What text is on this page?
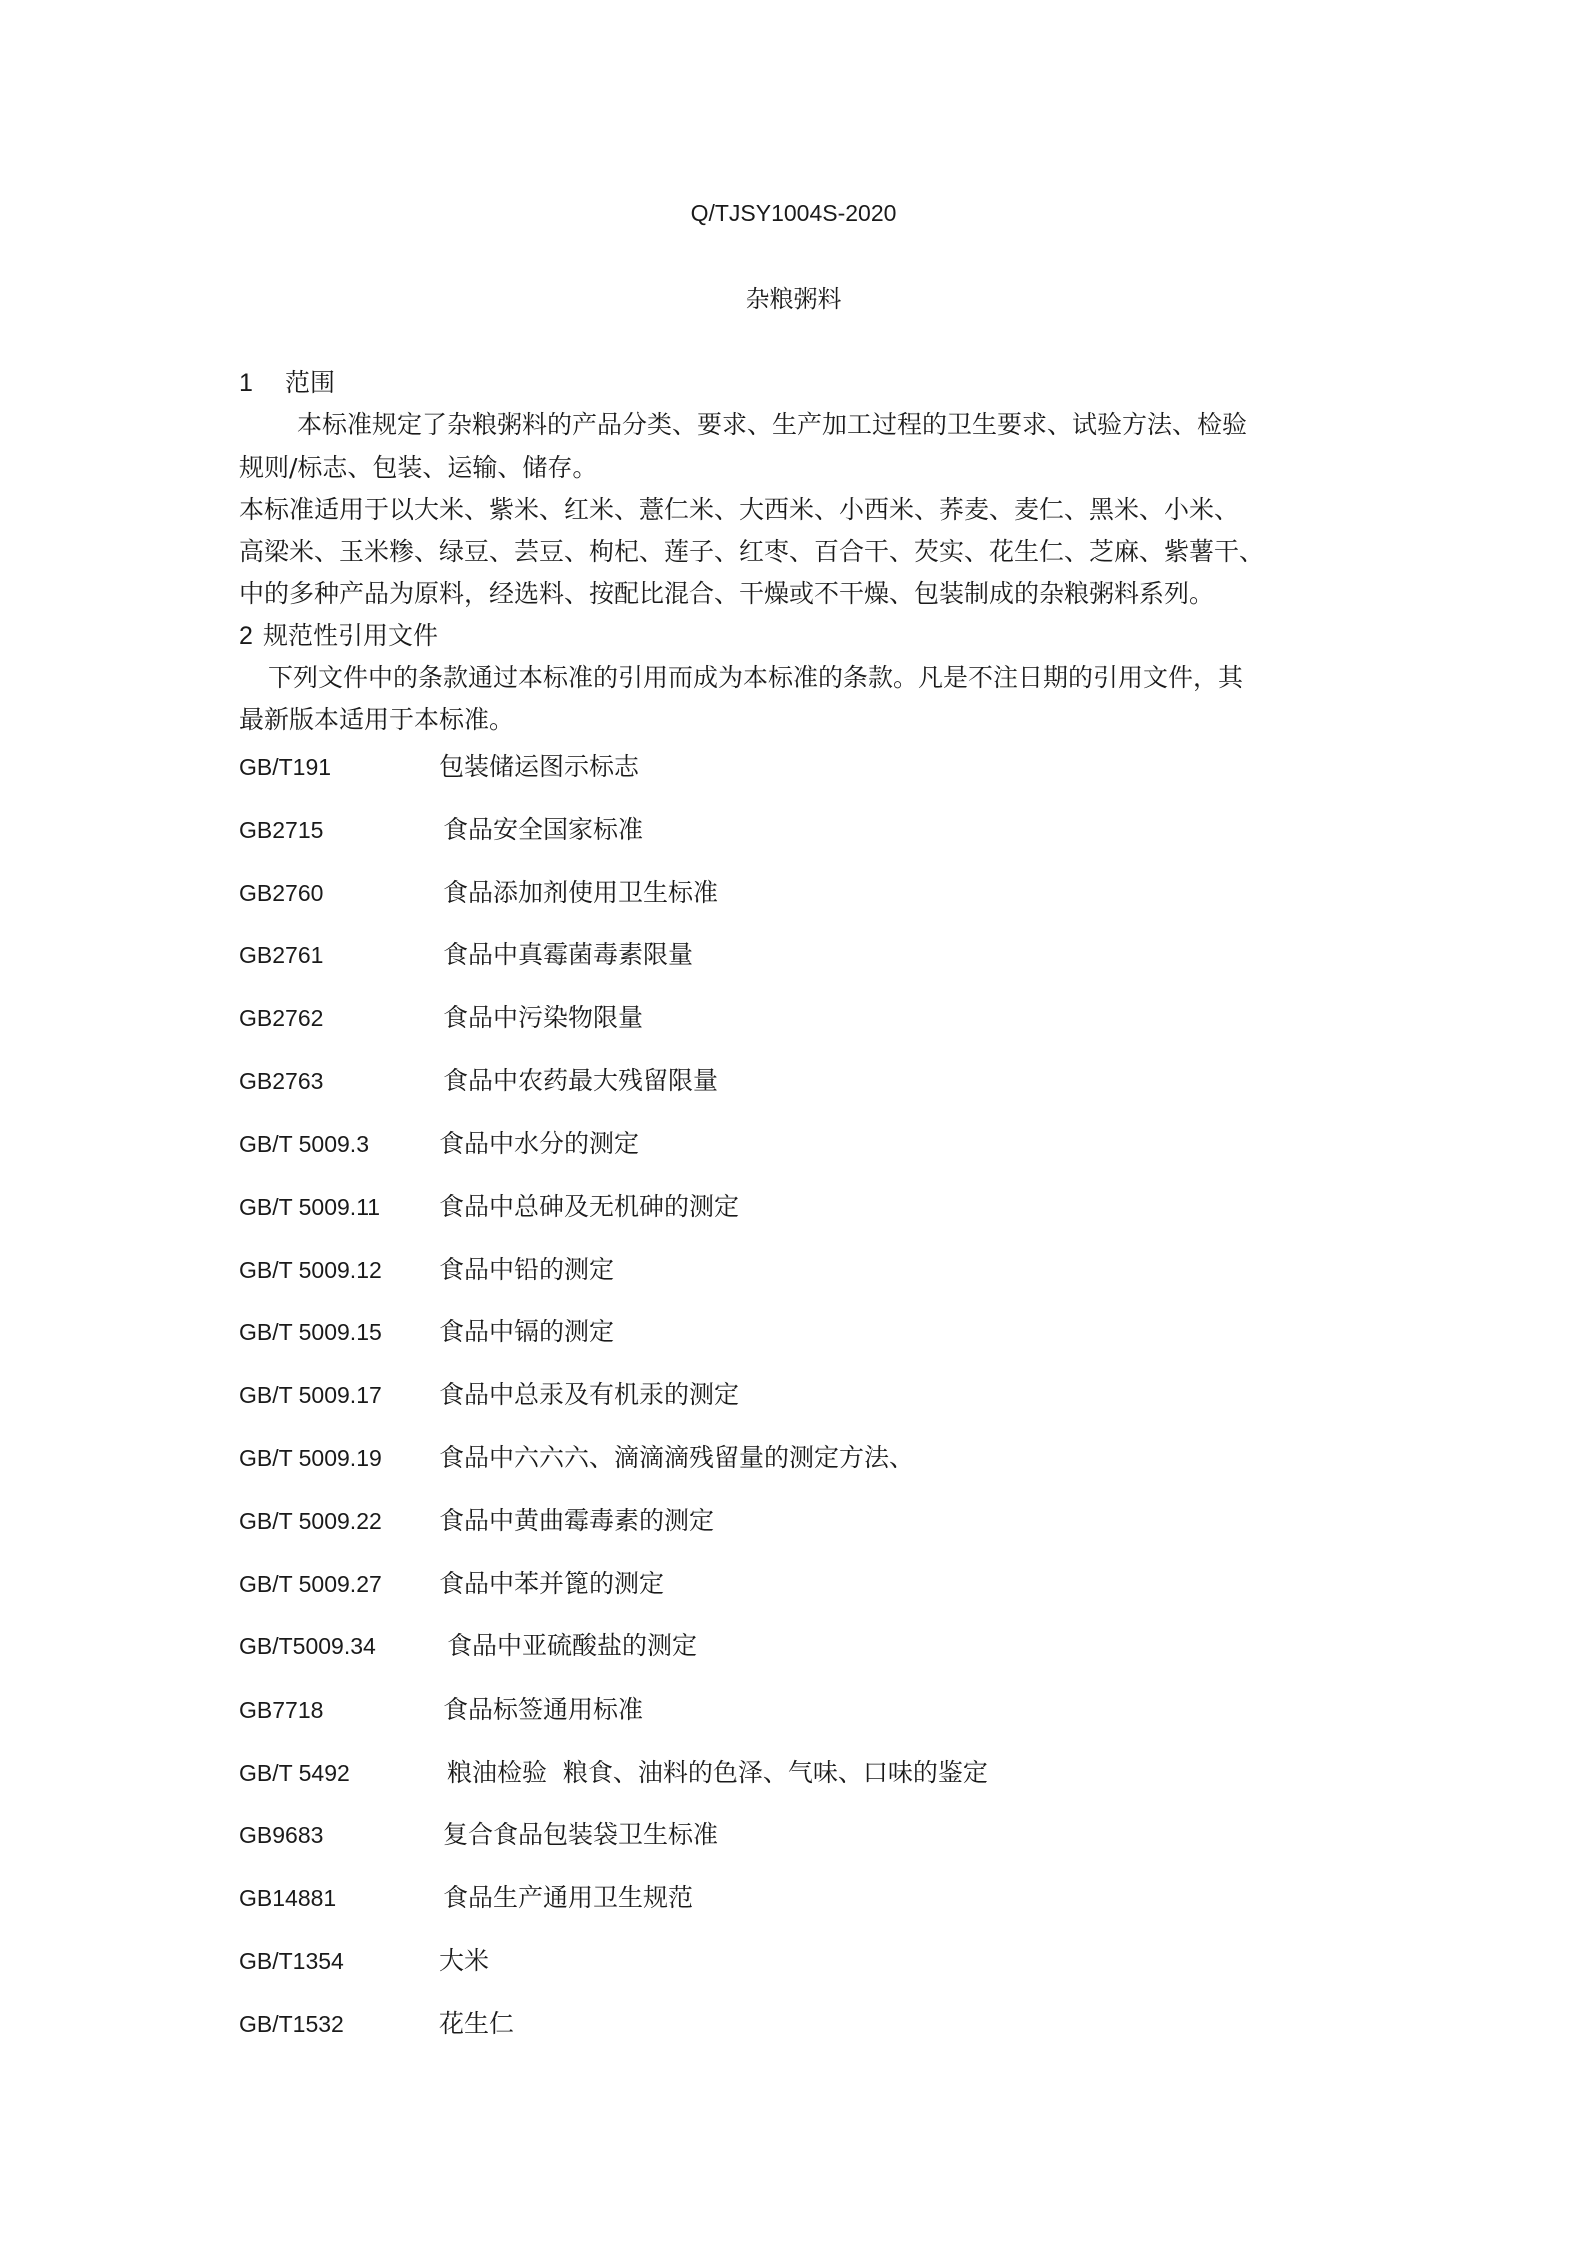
Q/TJSY1004S-2020
杂粮粥料
1 范围
本标准规定了杂粮粥料的产品分类、要求、生产加工过程的卫生要求、试验方法、检验
规则/标志、包装、运输、储存。
本标准适用于以大米、紫米、红米、薏仁米、大西米、小西米、荞麦、麦仁、黑米、小米、
高梁米、玉米糁、绿豆、芸豆、枸杞、莲子、红枣、百合干、芡实、花生仁、芝麻、紫薯干、
中的多种产品为原料，经选料、按配比混合、干燥或不干燥、包装制成的杂粮粥料系列。
2 规范性引用文件
下列文件中的条款通过本标准的引用而成为本标准的条款。凡是不注日期的引用文件，其
最新版本适用于本标准。
GB/T191	包装储运图示标志
GB2715	食品安全国家标准
GB2760	食品添加剂使用卫生标准
GB2761	食品中真霉菌毒素限量
GB2762	食品中污染物限量
GB2763	食品中农药最大残留限量
GB/T 5009.3	食品中水分的测定
GB/T 5009.11 食品中总砷及无机砷的测定
GB/T 5009.12 食品中铅的测定
GB/T 5009.15 食品中镉的测定
GB/T 5009.17 食品中总汞及有机汞的测定
GB/T 5009.19 食品中六六六、滴滴滴残留量的测定方法、
GB/T 5009.22 食品中黄曲霉毒素的测定
GB/T 5009.27 食品中苯并篦的测定
GB/T5009.34	食品中亚硫酸盐的测定
GB7718	食品标签通用标准
GB/T 5492	粮油检验  粮食、油料的色泽、气味、口味的鉴定
GB9683	复合食品包装袋卫生标准
GB14881	食品生产通用卫生规范
GB/T1354	大米
GB/T1532	花生仁
